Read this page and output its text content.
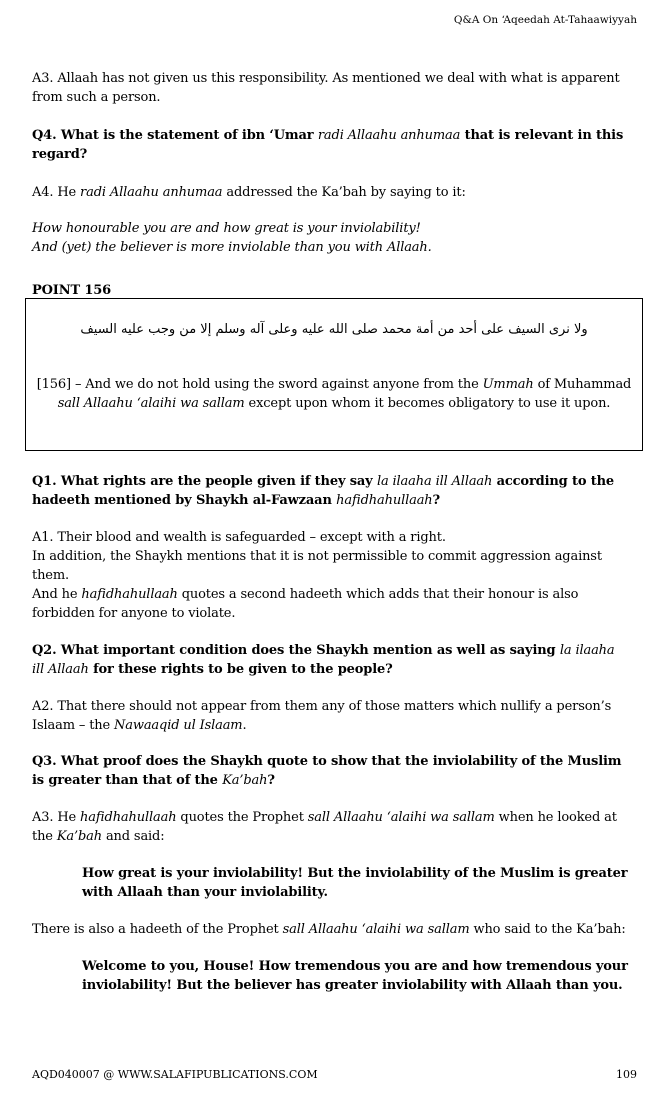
Q&A On ‘Aqeedah At-Tahaawiyyah
A3. Allaah has not given us this responsibility. As mentioned we deal with what is apparent from such a person.
Q4. What is the statement of ibn ‘Umar radi Allaahu anhumaa that is relevant in this regard?
A4. He radi Allaahu anhumaa addressed the Ka’bah by saying to it:
How honourable you are and how great is your inviolability!
And (yet) the believer is more inviolable than you with Allaah.
POINT 156
ولا نرى السيف على أحد من أمة محمد صلى الله عليه وعلى آله وسلم إلا من وجب عليه السيف
[156] – And we do not hold using the sword against anyone from the Ummah of Muhammad sall Allaahu ‘alaihi wa sallam except upon whom it becomes obligatory to use it upon.
Q1. What rights are the people given if they say la ilaaha ill Allaah according to the hadeeth mentioned by Shaykh al-Fawzaan hafidhahullaah?
A1. Their blood and wealth is safeguarded – except with a right.
In addition, the Shaykh mentions that it is not permissible to commit aggression against them.
And he hafidhahullaah quotes a second hadeeth which adds that their honour is also forbidden for anyone to violate.
Q2. What important condition does the Shaykh mention as well as saying la ilaaha ill Allaah for these rights to be given to the people?
A2. That there should not appear from them any of those matters which nullify a person’s Islaam – the Nawaaqid ul Islaam.
Q3. What proof does the Shaykh quote to show that the inviolability of the Muslim is greater than that of the Ka’bah?
A3. He hafidhahullaah quotes the Prophet sall Allaahu ‘alaihi wa sallam when he looked at the Ka’bah and said:
How great is your inviolability! But the inviolability of the Muslim is greater with Allaah than your inviolability.
There is also a hadeeth of the Prophet sall Allaahu ‘alaihi wa sallam who said to the Ka’bah:
Welcome to you, House! How tremendous you are and how tremendous your inviolability! But the believer has greater inviolability with Allaah than you.
AQD040007 @ WWW.SALAFIPUBLICATIONS.COM	109
